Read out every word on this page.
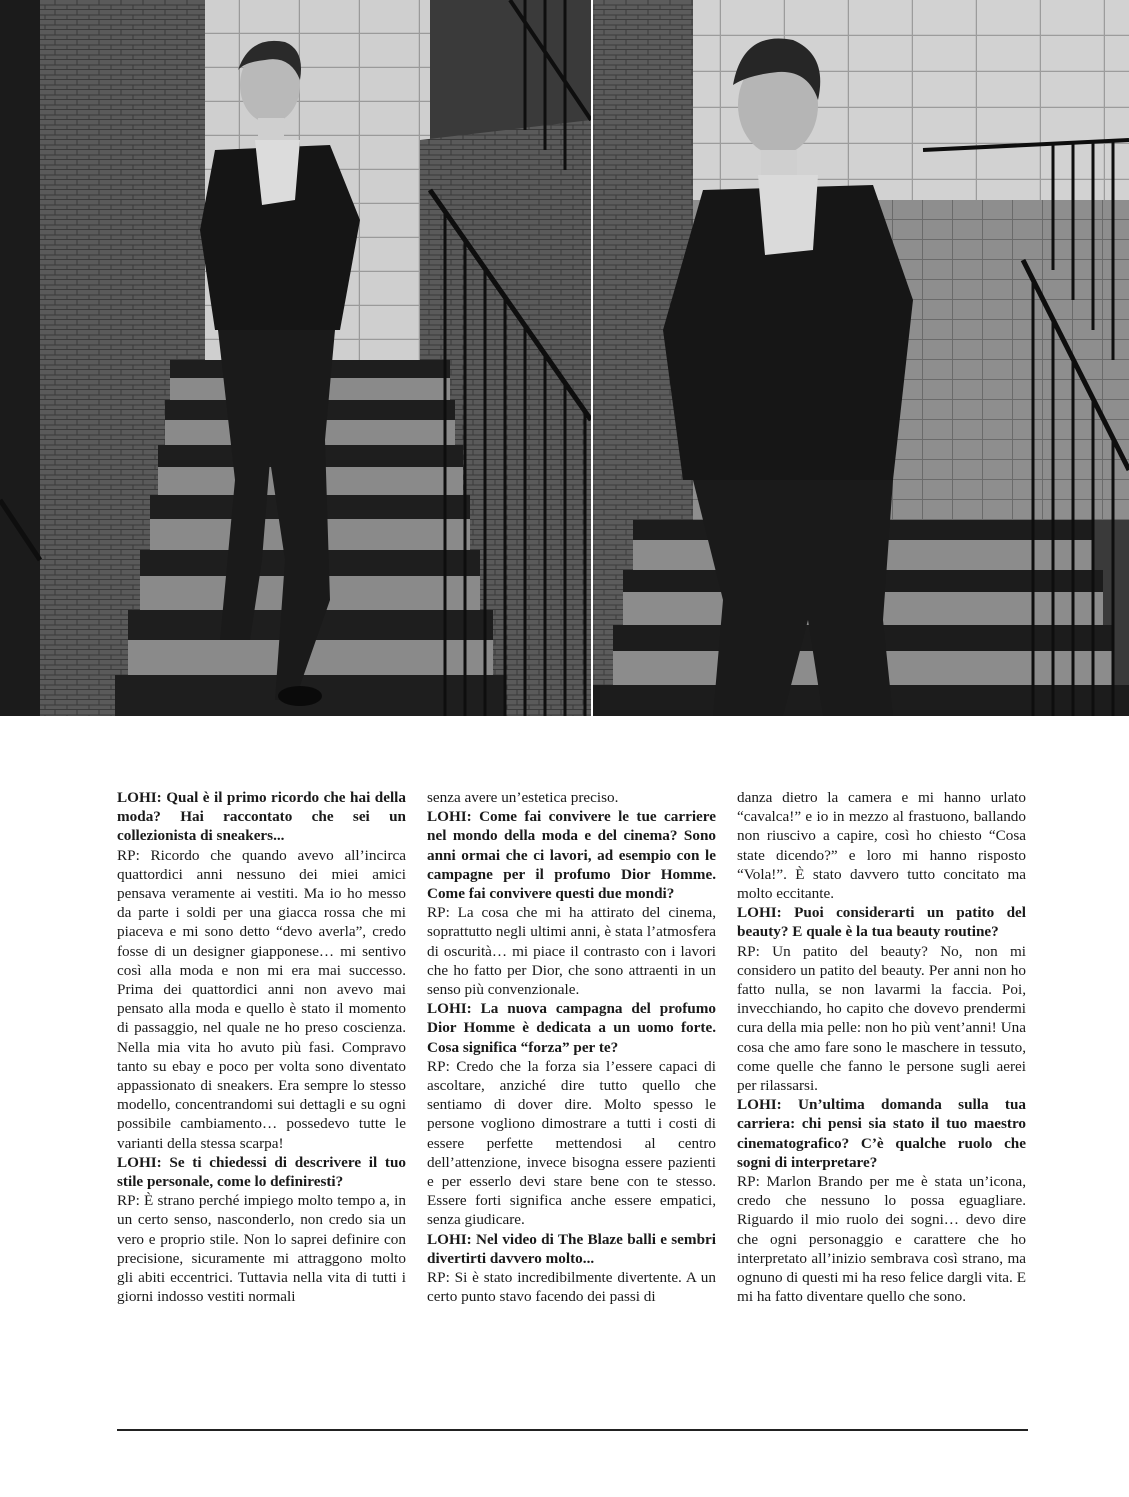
LOHI: Qual è il primo ricordo che hai della moda? Hai raccontato che sei un collezionista di sneakers...

RP: Ricordo che quando avevo all’incirca quattordici anni nessuno dei miei amici pensava veramente ai vestiti. Ma io ho messo da parte i soldi per una giacca rossa che mi piaceva e mi sono detto “devo averla”, credo fosse di un designer giapponese… mi sentivo così alla moda e non mi era mai successo. Prima dei quattordici anni non avevo mai pensato alla moda e quello è stato il momento di passaggio, nel quale ne ho preso coscienza. Nella mia vita ho avuto più fasi. Compravo tanto su ebay e poco per volta sono diventato appassionato di sneakers. Era sempre lo stesso modello, concentrandomi sui dettagli e su ogni possibile cambiamento… possedevo tutte le varianti della stessa scarpa!

LOHI: Se ti chiedessi di descrivere il tuo stile personale, come lo definiresti?

RP: È strano perché impiego molto tempo a, in un certo senso, nasconderlo, non credo sia un vero e proprio stile. Non lo saprei definire con precisione, sicuramente mi attraggono molto gli abiti eccentrici. Tuttavia nella vita di tutti i giorni indosso vestiti normali

senza avere un’estetica preciso.

LOHI: Come fai convivere le tue carriere nel mondo della moda e del cinema? Sono anni ormai che ci lavori, ad esempio con le campagne per il profumo Dior Homme. Come fai convivere questi due mondi?

RP: La cosa che mi ha attirato del cinema, soprattutto negli ultimi anni, è stata l’atmosfera di oscurità… mi piace il contrasto con i lavori che ho fatto per Dior, che sono attraenti in un senso più convenzionale.

LOHI: La nuova campagna del profumo Dior Homme è dedicata a un uomo forte. Cosa significa “forza” per te?

RP: Credo che la forza sia l’essere capaci di ascoltare, anziché dire tutto quello che sentiamo di dover dire. Molto spesso le persone vogliono dimostrare a tutti i costi di essere perfette mettendosi al centro dell’attenzione, invece bisogna essere pazienti e per esserlo devi stare bene con te stesso. Essere forti significa anche essere empatici, senza giudicare.

LOHI: Nel video di The Blaze balli e sembri divertirti davvero molto...

RP: Si è stato incredibilmente divertente. A un certo punto stavo facendo dei passi di

danza dietro la camera e mi hanno urlato “cavalca!” e io in mezzo al frastuono, ballando non riuscivo a capire, così ho chiesto “Cosa state dicendo?” e loro mi hanno risposto “Vola!”. È stato davvero tutto concitato ma molto eccitante.

LOHI: Puoi considerarti un patito del beauty? E quale è la tua beauty routine?

RP: Un patito del beauty? No, non mi considero un patito del beauty. Per anni non ho fatto nulla, se non lavarmi la faccia. Poi, invecchiando, ho capito che dovevo prendermi cura della mia pelle: non ho più vent’anni! Una cosa che amo fare sono le maschere in tessuto, come quelle che fanno le persone sugli aerei per rilassarsi.

LOHI: Un’ultima domanda sulla tua carriera: chi pensi sia stato il tuo maestro cinematografico? C’è qualche ruolo che sogni di interpretare?

RP: Marlon Brando per me è stata un’icona, credo che nessuno lo possa eguagliare. Riguardo il mio ruolo dei sogni… devo dire che ogni personaggio e carattere che ho interpretato all’inizio sembrava così strano, ma ognuno di questi mi ha reso felice dargli vita. E mi ha fatto diventare quello che sono.
